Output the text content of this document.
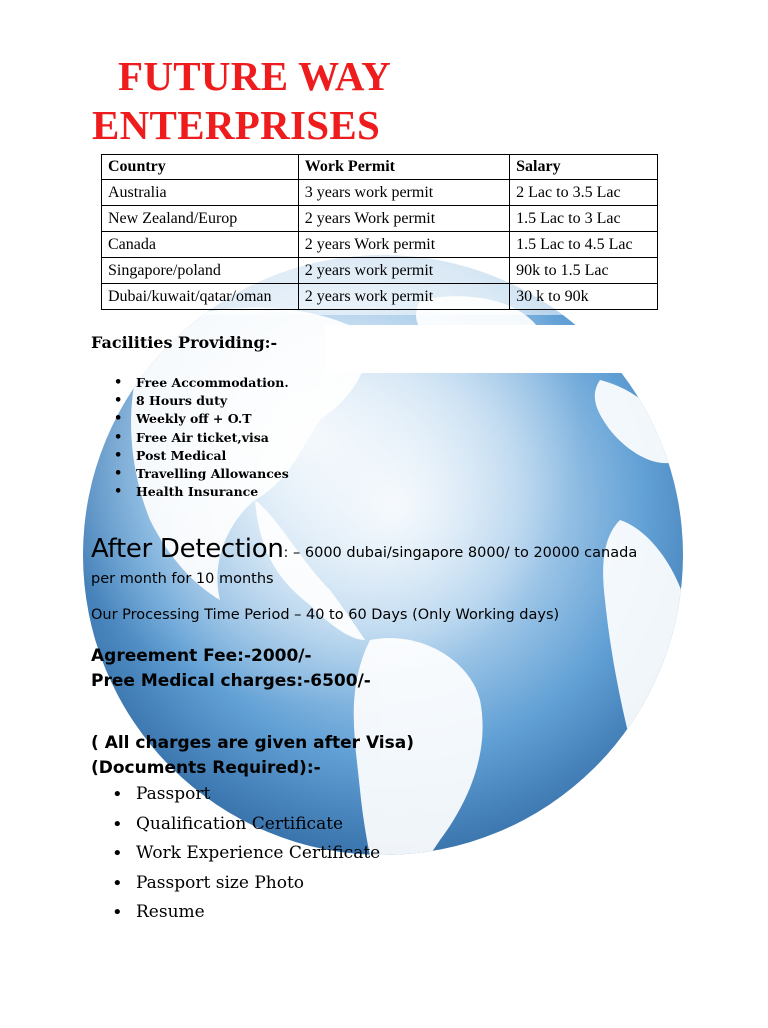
FUTURE WAY
ENTERPRISES
Country	Work Permit	Salary
Australia	3 years work permit	2 Lac to 3.5 Lac
New Zealand/Europ	2 years Work permit	1.5 Lac to 3 Lac
Canada	2 years Work permit	1.5 Lac to 4.5 Lac
Singapore/poland	2 years work permit	90k to 1.5 Lac
Dubai/kuwait/qatar/oman	2 years work permit	30 k to 90k
Facilities Providing:-
• Free Accommodation.
• 8 Hours duty
• Weekly off + O.T
• Free Air ticket,visa
• Post Medical
• Travelling Allowances
• Health Insurance
After Detection: – 6000 dubai/singapore 8000/ to 20000 canada
per month for 10 months
Our Processing Time Period – 40 to 60 Days (Only Working days)
Agreement Fee:-2000/-
Pree Medical charges:-6500/-
( All charges are given after Visa)
(Documents Required):-
• Passport
• Qualification Certificate
• Work Experience Certificate
• Passport size Photo
• Resume
